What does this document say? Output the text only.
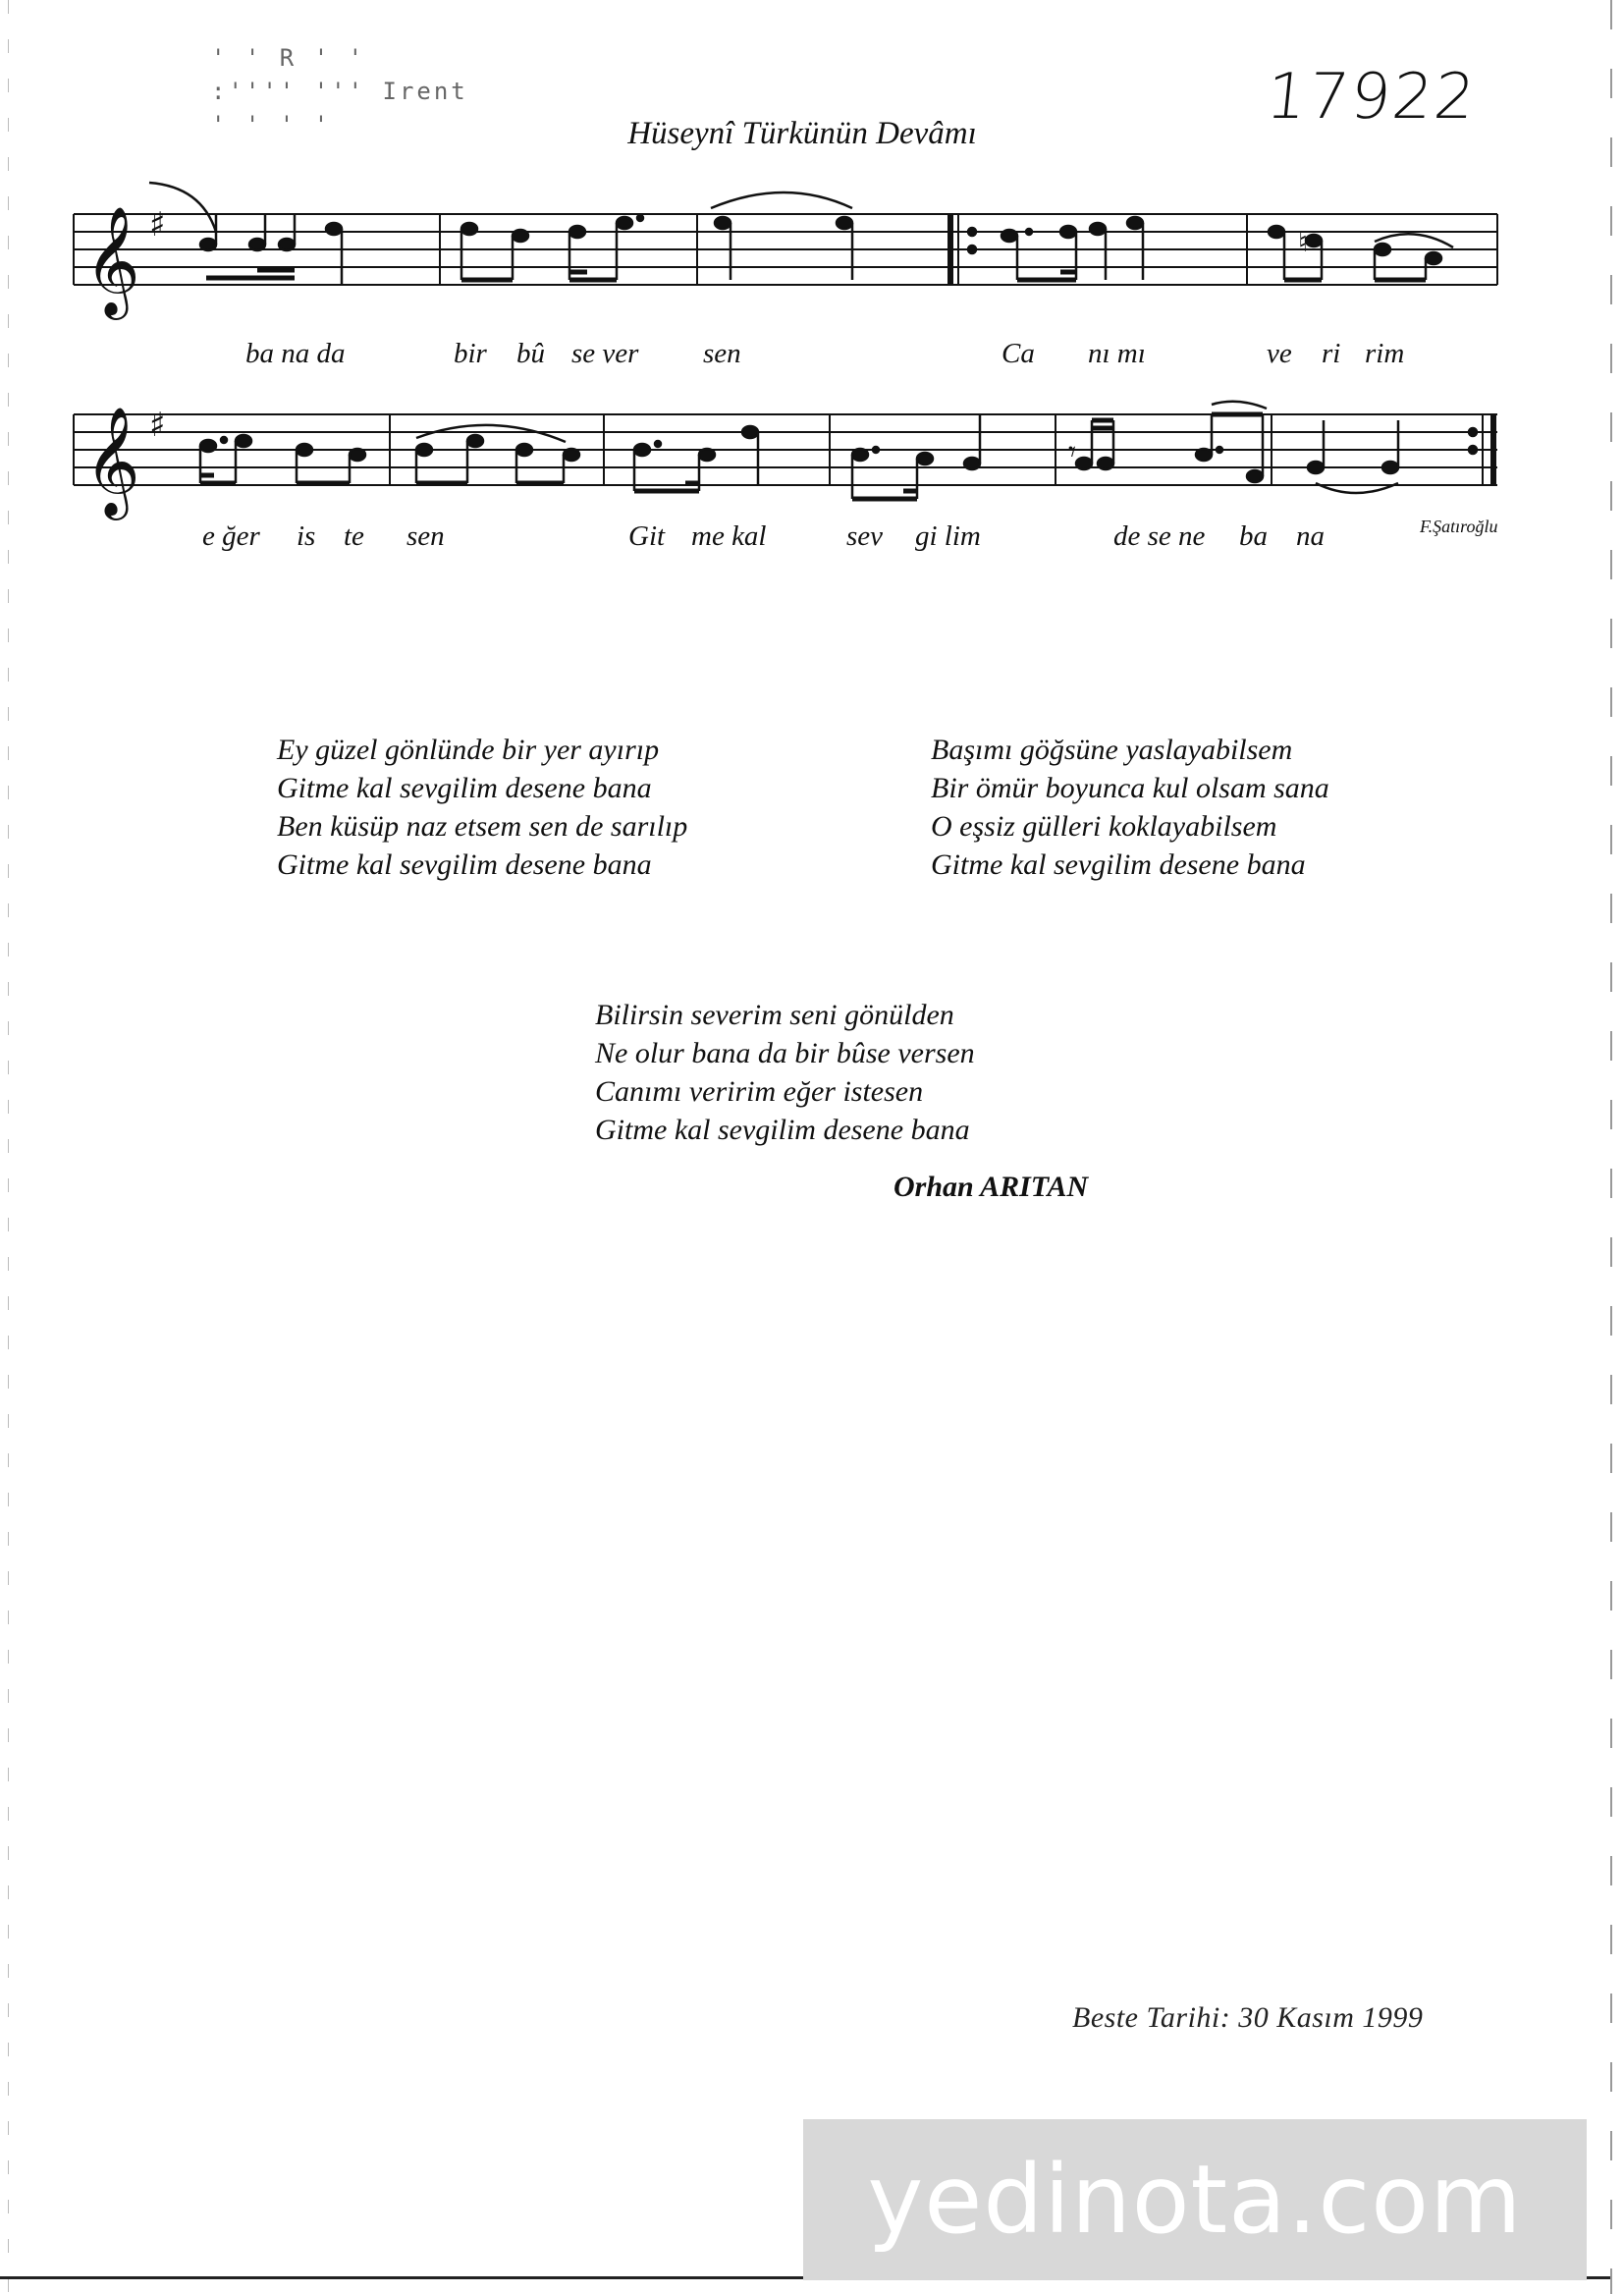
' ' R ' '
:'''' ''' Irent
' ' ' '	17922
Hüseynî Türkünün Devâmı
𝄞 ♯
𝄞 ♯
♮
𝄾
ba na da	bir bû se ver sen	Ca nı mı	ve ri rim
e ğer is te sen	Git me kal	sev gi lim	de se ne ba na	F.Şatıroğlu
Ey güzel gönlünde bir yer ayırıp
Gitme kal sevgilim desene bana
Ben küsüp naz etsem sen de sarılıp
Gitme kal sevgilim desene bana
Başımı göğsüne yaslayabilsem
Bir ömür boyunca kul olsam sana
O eşsiz gülleri koklayabilsem
Gitme kal sevgilim desene bana
Bilirsin severim seni gönülden
Ne olur bana da bir bûse versen
Canımı veririm eğer istesen
Gitme kal sevgilim desene bana
Orhan ARITAN
Beste Tarihi: 30 Kasım 1999
yedinota.com
